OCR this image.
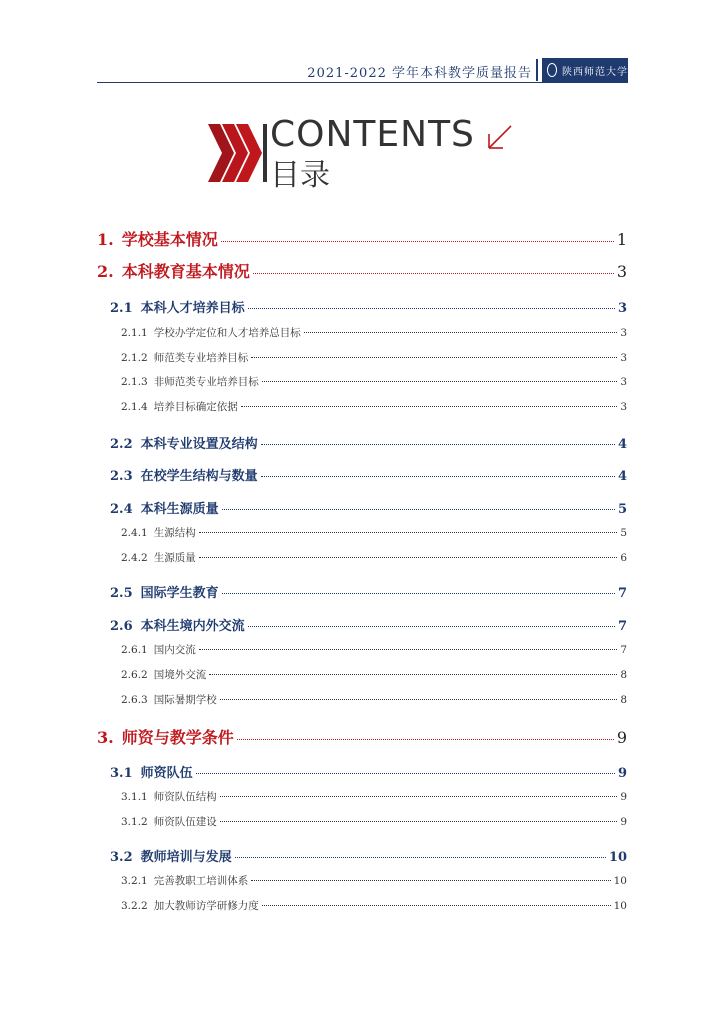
2021-2022 学年本科教学质量报告	陕西师范大学
CONTENTS
目录
1. 学校基本情况	1
2. 本科教育基本情况	3
2.1 本科人才培养目标	3
2.1.1 学校办学定位和人才培养总目标	3
2.1.2 师范类专业培养目标	3
2.1.3 非师范类专业培养目标	3
2.1.4 培养目标确定依据	3
2.2 本科专业设置及结构	4
2.3 在校学生结构与数量	4
2.4 本科生源质量	5
2.4.1 生源结构	5
2.4.2 生源质量	6
2.5 国际学生教育	7
2.6 本科生境内外交流	7
2.6.1 国内交流	7
2.6.2 国境外交流	8
2.6.3 国际暑期学校	8
3. 师资与教学条件	9
3.1 师资队伍	9
3.1.1 师资队伍结构	9
3.1.2 师资队伍建设	9
3.2 教师培训与发展	10
3.2.1 完善教职工培训体系	10
3.2.2 加大教师访学研修力度	10
